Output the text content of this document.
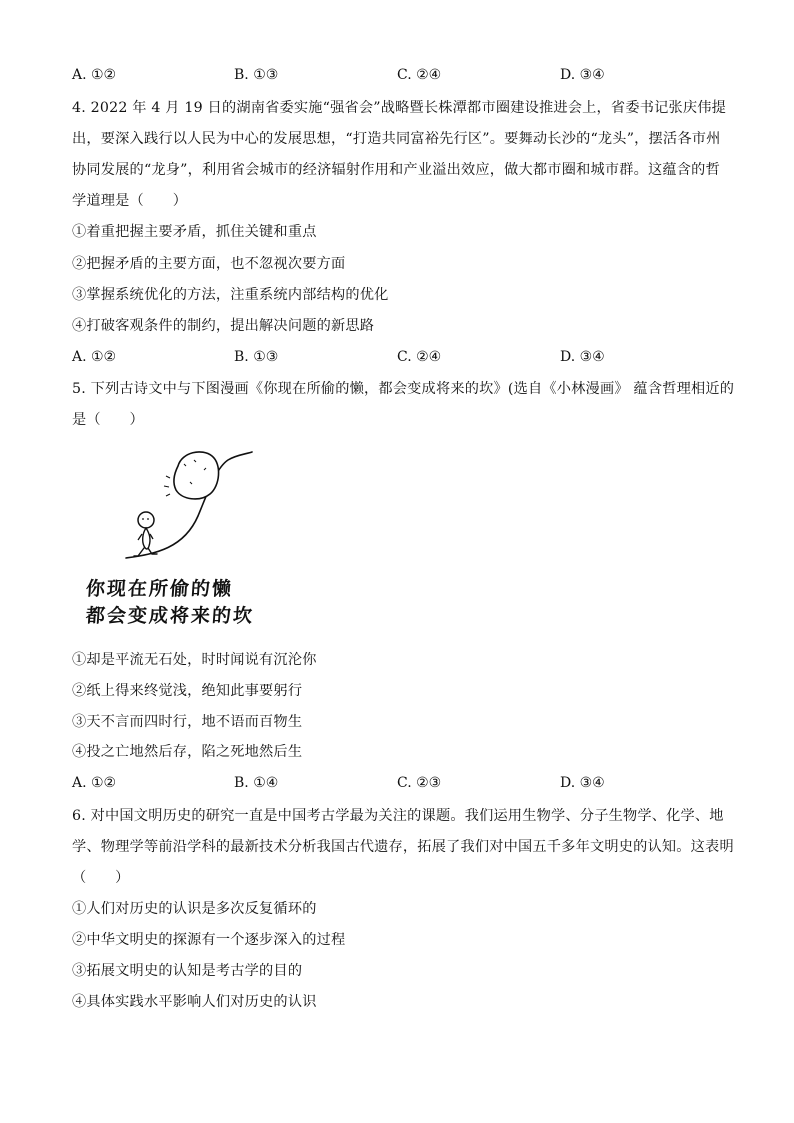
A. ①②	B. ①③	C. ②④	D. ③④
4. 2022 年 4 月 19 日的湖南省委实施“强省会”战略暨长株潭都市圈建设推进会上，省委书记张庆伟提
出，要深入践行以人民为中心的发展思想，“打造共同富裕先行区”。要舞动长沙的“龙头”，摆活各市州
协同发展的“龙身”，利用省会城市的经济辐射作用和产业溢出效应，做大都市圈和城市群。这蕴含的哲
学道理是（　　）
①着重把握主要矛盾，抓住关键和重点
②把握矛盾的主要方面，也不忽视次要方面
③掌握系统优化的方法，注重系统内部结构的优化
④打破客观条件的制约，提出解决问题的新思路
A. ①②	B. ①③	C. ②④	D. ③④
5. 下列古诗文中与下图漫画《你现在所偷的懒，都会变成将来的坎》(选自《小林漫画》 蕴含哲理相近的
是（　　）
你现在所偷的懒
都会变成将来的坎
①却是平流无石处，时时闻说有沉沦你
②纸上得来终觉浅，绝知此事要躬行
③天不言而四时行，地不语而百物生
④投之亡地然后存，陷之死地然后生
A. ①②	B. ①④	C. ②③	D. ③④
6. 对中国文明历史的研究一直是中国考古学最为关注的课题。我们运用生物学、分子生物学、化学、地
学、物理学等前沿学科的最新技术分析我国古代遗存，拓展了我们对中国五千多年文明史的认知。这表明
（　　）
①人们对历史的认识是多次反复循环的
②中华文明史的探源有一个逐步深入的过程
③拓展文明史的认知是考古学的目的
④具体实践水平影响人们对历史的认识
